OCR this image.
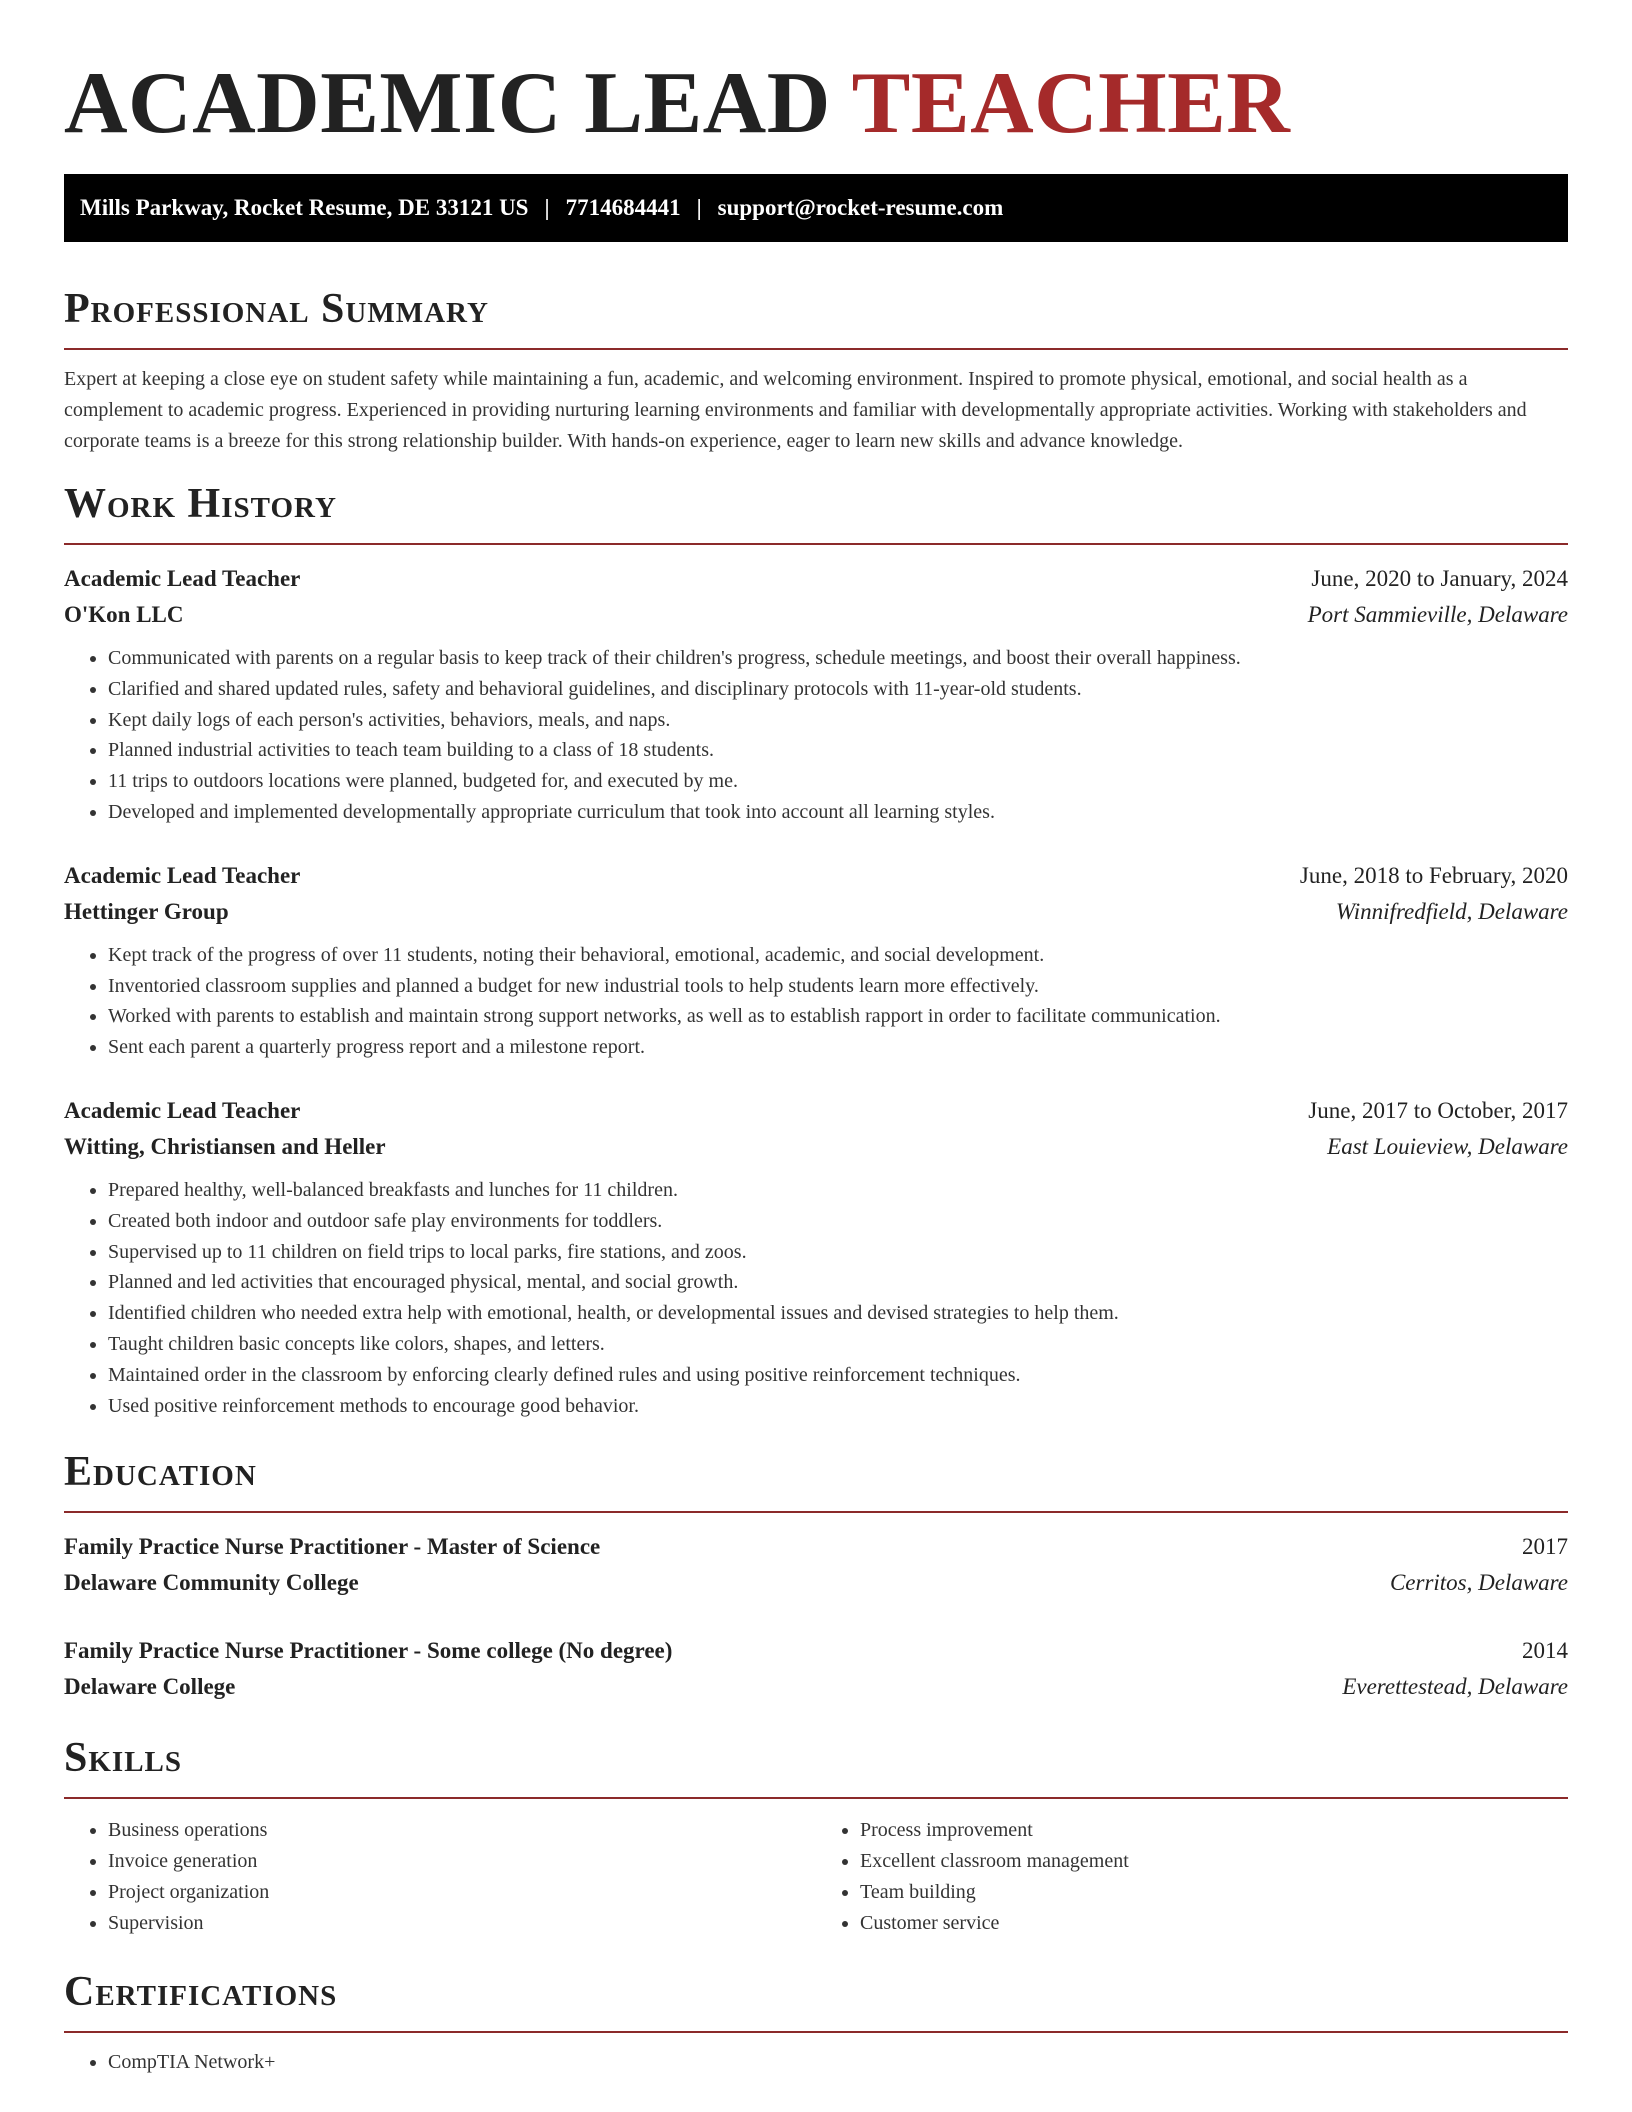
ACADEMIC LEAD TEACHER
Mills Parkway, Rocket Resume, DE 33121 US | 7714684441 | support@rocket-resume.com
Professional Summary

Expert at keeping a close eye on student safety while maintaining a fun, academic, and welcoming environment. Inspired to promote physical, emotional, and social health as a complement to academic progress. Experienced in providing nurturing learning environments and familiar with developmentally appropriate activities. Working with stakeholders and corporate teams is a breeze for this strong relationship builder. With hands-on experience, eager to learn new skills and advance knowledge.

Work History
Academic Lead Teacher	June, 2020 to January, 2024
O'Kon LLC	Port Sammieville, Delaware
• Communicated with parents on a regular basis to keep track of their children's progress, schedule meetings, and boost their overall happiness.
• Clarified and shared updated rules, safety and behavioral guidelines, and disciplinary protocols with 11-year-old students.
• Kept daily logs of each person's activities, behaviors, meals, and naps.
• Planned industrial activities to teach team building to a class of 18 students.
• 11 trips to outdoors locations were planned, budgeted for, and executed by me.
• Developed and implemented developmentally appropriate curriculum that took into account all learning styles.
Academic Lead Teacher	June, 2018 to February, 2020
Hettinger Group	Winnifredfield, Delaware
• Kept track of the progress of over 11 students, noting their behavioral, emotional, academic, and social development.
• Inventoried classroom supplies and planned a budget for new industrial tools to help students learn more effectively.
• Worked with parents to establish and maintain strong support networks, as well as to establish rapport in order to facilitate communication.
• Sent each parent a quarterly progress report and a milestone report.
Academic Lead Teacher	June, 2017 to October, 2017
Witting, Christiansen and Heller	East Louieview, Delaware
• Prepared healthy, well-balanced breakfasts and lunches for 11 children.
• Created both indoor and outdoor safe play environments for toddlers.
• Supervised up to 11 children on field trips to local parks, fire stations, and zoos.
• Planned and led activities that encouraged physical, mental, and social growth.
• Identified children who needed extra help with emotional, health, or developmental issues and devised strategies to help them.
• Taught children basic concepts like colors, shapes, and letters.
• Maintained order in the classroom by enforcing clearly defined rules and using positive reinforcement techniques.
• Used positive reinforcement methods to encourage good behavior.
Education
Family Practice Nurse Practitioner - Master of Science	2017
Delaware Community College	Cerritos, Delaware
Family Practice Nurse Practitioner - Some college (No degree)	2014
Delaware College	Everettestead, Delaware
Skills
• Business operations
• Invoice generation
• Project organization
• Supervision
• Process improvement
• Excellent classroom management
• Team building
• Customer service
Certifications
• CompTIA Network+
